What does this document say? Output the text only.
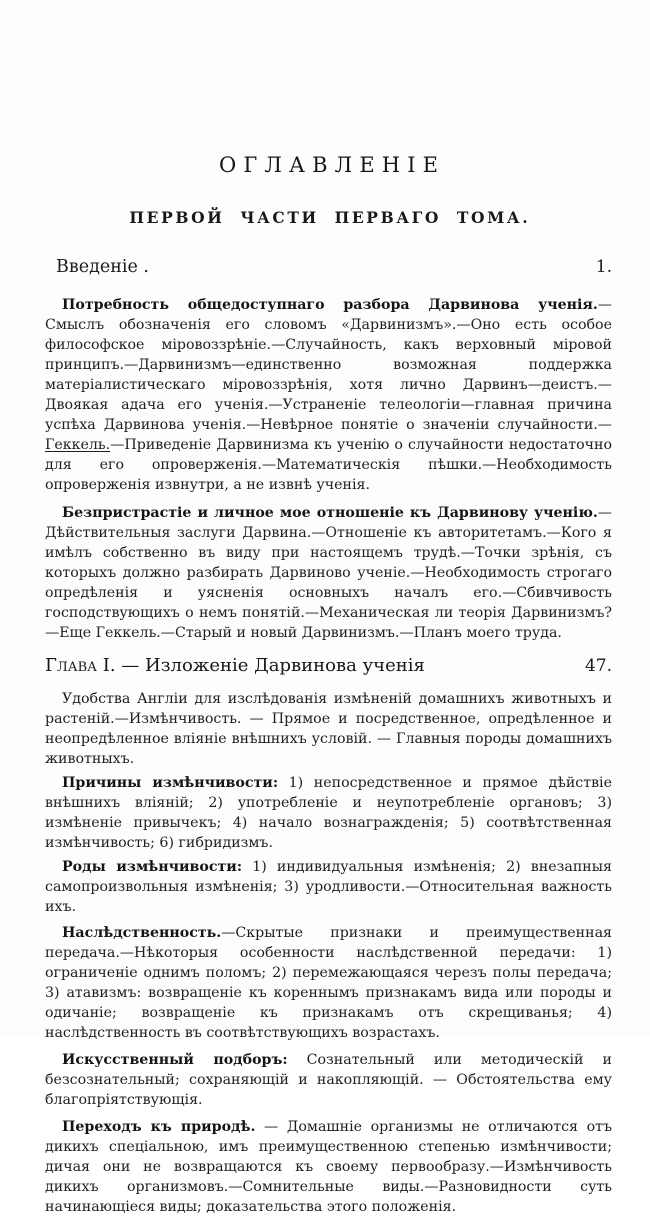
ОГЛАВЛЕНІЕ
ПЕРВОЙ ЧАСТИ ПЕРВАГО ТОМА.
Введеніе .	1.

Потребность общедоступнаго разбора Дарвинова ученія.—Смыслъ обозначенія его словомъ «Дарвинизмъ».—Оно есть особое философское міровоззрѣніе.—Случайность, какъ верховный міровой принципъ.—Дарвинизмъ—единственно возможная поддержка матеріалистическаго міровоззрѣнія, хотя лично Дарвинъ—деистъ.—Двоякая адача его ученія.—Устраненіе телеологіи—главная причина успѣха Дарвинова ученія.—Невѣрное понятіе о значеніи случайности.—Геккель.—Приведеніе Дарвинизма къ ученію о случайности недостаточно для его опроверженія.—Математическія пѣшки.—Необходимость опроверженія извнутри, а не извнѣ ученія.

Безпристрастіе и личное мое отношеніе къ Дарвинову ученію.—Дѣйствительныя заслуги Дарвина.—Отношеніе къ авторитетамъ.—Кого я имѣлъ собственно въ виду при настоящемъ трудѣ.—Точки зрѣнія, съ которыхъ должно разбирать Дарвиново ученіе.—Необходимость строгаго опредѣленія и уясненія основныхъ началъ его.—Сбивчивость господствующихъ о немъ понятій.—Механическая ли теорія Дарвинизмъ?—Еще Геккель.—Старый и новый Дарвинизмъ.—Планъ моего труда.

Глава I. — Изложеніе Дарвинова ученія	47.

Удобства Англіи для изслѣдованія измѣненій домашнихъ животныхъ и растеній.—Измѣнчивость. — Прямое и посредственное, опредѣленное и неопредѣленное вліяніе внѣшнихъ условій. — Главныя породы домашнихъ животныхъ.

Причины измѣнчивости: 1) непосредственное и прямое дѣйствіе внѣшнихъ вліяній; 2) употребленіе и неупотребленіе органовъ; 3) измѣненіе привычекъ; 4) начало вознагражденія; 5) соотвѣтственная измѣнчивость; 6) гибридизмъ.

Роды измѣнчивости: 1) индивидуальныя измѣненія; 2) внезапныя самопроизвольныя измѣненія; 3) уродливости.—Относительная важность ихъ.

Наслѣдственность.—Скрытые признаки и преимущественная передача.—Нѣкоторыя особенности наслѣдственной передачи: 1) ограниченіе однимъ поломъ; 2) перемежающаяся черезъ полы передача; 3) атавизмъ: возвращеніе къ кореннымъ признакамъ вида или породы и одичаніе; возвращеніе къ признакамъ отъ скрещиванья; 4) наслѣдственность въ соотвѣтствующихъ возрастахъ.

Искусственный подборъ: Сознательный или методическій и безсознательный; сохраняющій и накопляющій. — Обстоятельства ему благопріятствующія.

Переходъ къ природѣ. — Домашніе организмы не отличаются отъ дикихъ спеціальною, имъ преимущественною степенью измѣнчивости; дичая они не возвращаются къ своему первообразу.—Измѣнчивость дикихъ организмовъ.—Сомнительные виды.—Разновидности суть начинающіеся виды; доказательства этого положенія.
